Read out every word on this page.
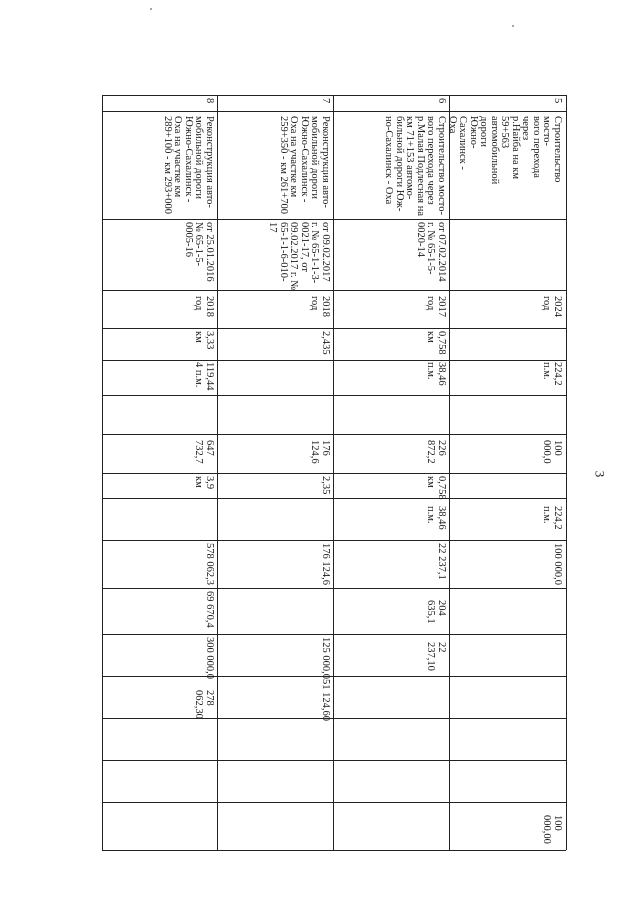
3
5
Строительство мосто-
вого перехода через
р.Найба на км 59+563
автомобильной дороги
Южно-Сахалинск -
Оха
2024
год
224,2
п.м.
100
000,0
224,2
п.м.
100 000,0
100
000,00
6
Строительство мосто-
вого перехода через
р.Малая Подлесная на
км 71+153 автомо-
бильной дороги Юж-
но-Сахалинск - Оха
от 07.02.2014
г. № 65-1-5-
0020-14
2017
год
0,758
км
38,46
п.м.
226
872,2
0,758
км
38,46
п.м.
22 237,1
204
635,1
22
237,10
7
Реконструкция авто-
мобильной дороги
Южно-Сахалинск -
Оха на участке км
259+350 - км 261+700
от 09.02.2017
г. № 65-1-1-3-
0021-17, от
09.02.2017 г. №
65-1-1-6-010-
17
2018
год
2,435
176
124,6
2,35
176 124,6
125 000,0
51 124,60
8
Реконструкция авто-
мобильной дороги
Южно-Сахалинск -
Оха на участке км
289+100 - км 293+000
от 25.01.2016
№ 65-1-5-
0005-16
2018
год
3,33
км
119,44
4 п.м.
647
732,7
3,9
км
578 062,3
69 670,4
300 000,0
278
062,30
